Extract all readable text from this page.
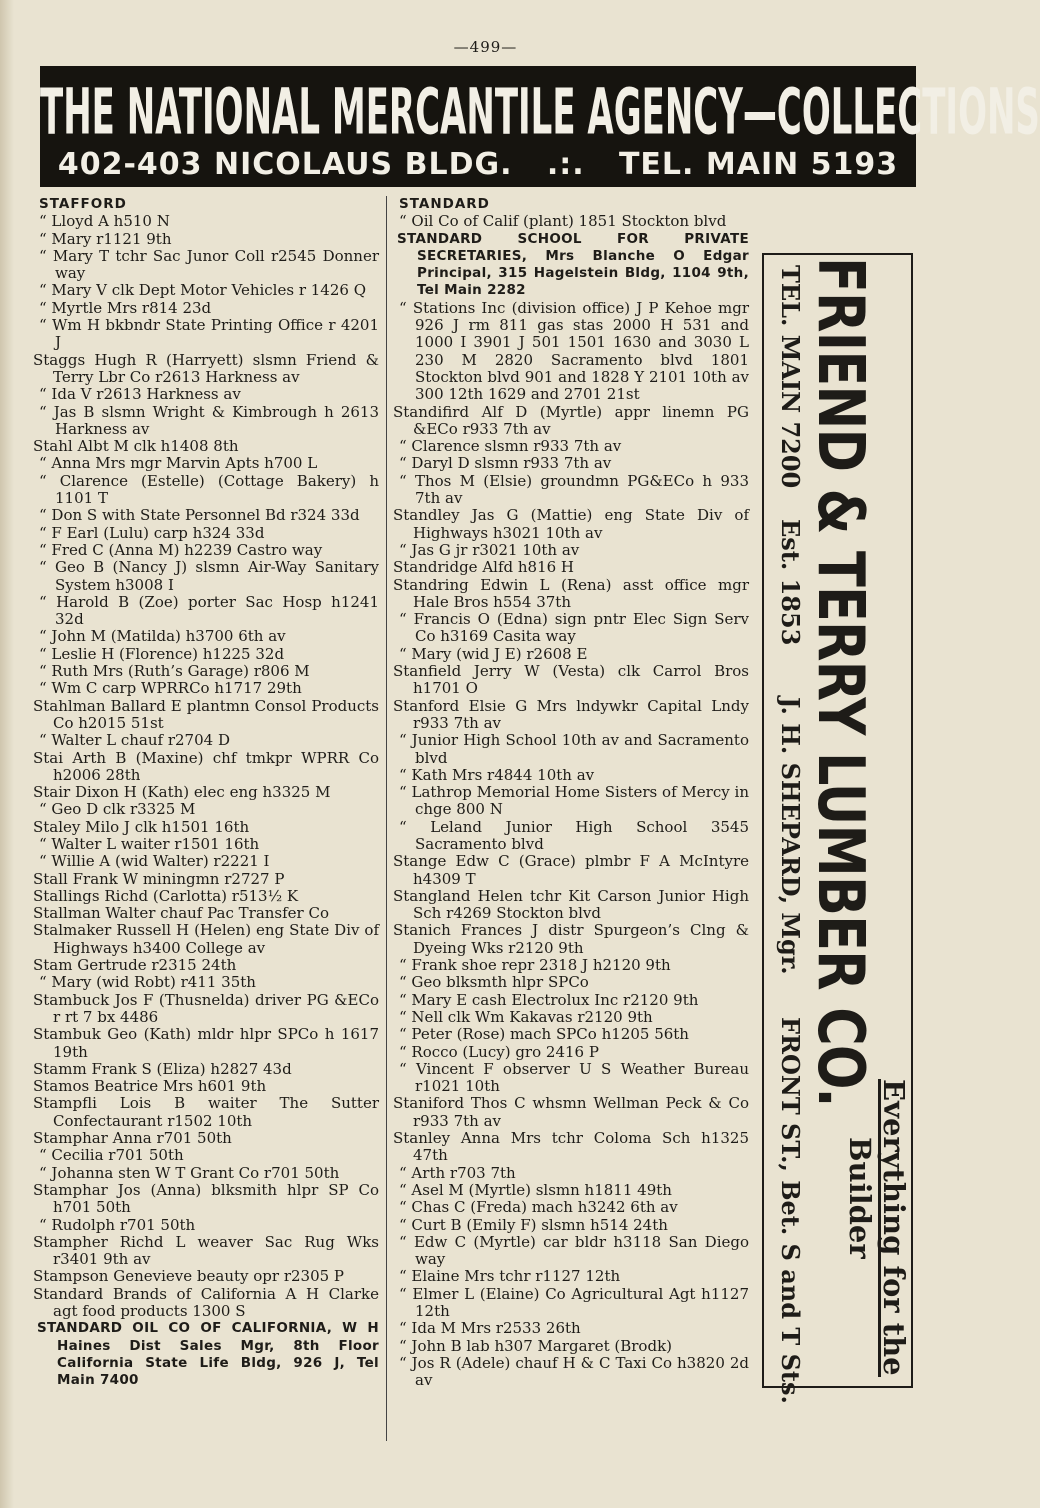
—499—
THE NATIONAL MERCANTILE AGENCY—COLLECTIONS
402-403 NICOLAUS BLDG.   .:.   TEL. MAIN 5193
STAFFORD
“ Lloyd A h510 N
“ Mary r1121 9th
“ Mary T tchr Sac Junor Coll r2545 Donner way
“ Mary V clk Dept Motor Vehicles r 1426 Q
“ Myrtle Mrs r814 23d
“ Wm H bkbndr State Printing Office r 4201 J
Staggs Hugh R (Harryett) slsmn Friend & Terry Lbr Co r2613 Harkness av
“ Ida V r2613 Harkness av
“ Jas B slsmn Wright & Kimbrough h 2613 Harkness av
Stahl Albt M clk h1408 8th
“ Anna Mrs mgr Marvin Apts h700 L
“ Clarence (Estelle) (Cottage Bakery) h 1101 T
“ Don S with State Personnel Bd r324 33d
“ F Earl (Lulu) carp h324 33d
“ Fred C (Anna M) h2239 Castro way
“ Geo B (Nancy J) slsmn Air-Way Sanitary System h3008 I
“ Harold B (Zoe) porter Sac Hosp h1241 32d
“ John M (Matilda) h3700 6th av
“ Leslie H (Florence) h1225 32d
“ Ruth Mrs (Ruth’s Garage) r806 M
“ Wm C carp WPRRCo h1717 29th
Stahlman Ballard E plantmn Consol Products Co h2015 51st
“ Walter L chauf r2704 D
Stai Arth B (Maxine) chf tmkpr WPRR Co h2006 28th
Stair Dixon H (Kath) elec eng h3325 M
“ Geo D clk r3325 M
Staley Milo J clk h1501 16th
“ Walter L waiter r1501 16th
“ Willie A (wid Walter) r2221 I
Stall Frank W miningmn r2727 P
Stallings Richd (Carlotta) r513½ K
Stallman Walter chauf Pac Transfer Co
Stalmaker Russell H (Helen) eng State Div of Highways h3400 College av
Stam Gertrude r2315 24th
“ Mary (wid Robt) r411 35th
Stambuck Jos F (Thusnelda) driver PG &ECo r rt 7 bx 4486
Stambuk Geo (Kath) mldr hlpr SPCo h 1617 19th
Stamm Frank S (Eliza) h2827 43d
Stamos Beatrice Mrs h601 9th
Stampfli Lois B waiter The Sutter Confectaurant r1502 10th
Stamphar Anna r701 50th
“ Cecilia r701 50th
“ Johanna sten W T Grant Co r701 50th
Stamphar Jos (Anna) blksmith hlpr SP Co h701 50th
“ Rudolph r701 50th
Stampher Richd L weaver Sac Rug Wks r3401 9th av
Stampson Genevieve beauty opr r2305 P
Standard Brands of California A H Clarke agt food products 1300 S
STANDARD OIL CO OF CALIFORNIA, W H Haines Dist Sales Mgr, 8th Floor California State Life Bldg, 926 J, Tel Main 7400
STANDARD
“ Oil Co of Calif (plant) 1851 Stockton blvd
STANDARD SCHOOL FOR PRIVATE SECRETARIES, Mrs Blanche O Edgar Principal, 315 Hagelstein Bldg, 1104 9th, Tel Main 2282
“ Stations Inc (division office) J P Kehoe mgr 926 J rm 811 gas stas 2000 H 531 and 1000 I 3901 J 501 1501 1630 and 3030 L 230 M 2820 Sacramento blvd 1801 Stockton blvd 901 and 1828 Y 2101 10th av 300 12th 1629 and 2701 21st
Standifird Alf D (Myrtle) appr linemn PG &ECo r933 7th av
“ Clarence slsmn r933 7th av
“ Daryl D slsmn r933 7th av
“ Thos M (Elsie) groundmn PG&ECo h 933 7th av
Standley Jas G (Mattie) eng State Div of Highways h3021 10th av
“ Jas G jr r3021 10th av
Standridge Alfd h816 H
Standring Edwin L (Rena) asst office mgr Hale Bros h554 37th
“ Francis O (Edna) sign pntr Elec Sign Serv Co h3169 Casita way
“ Mary (wid J E) r2608 E
Stanfield Jerry W (Vesta) clk Carrol Bros h1701 O
Stanford Elsie G Mrs lndywkr Capital Lndy r933 7th av
“ Junior High School 10th av and Sacramento blvd
“ Kath Mrs r4844 10th av
“ Lathrop Memorial Home Sisters of Mercy in chge 800 N
“ Leland Junior High School 3545 Sacramento blvd
Stange Edw C (Grace) plmbr F A McIntyre h4309 T
Stangland Helen tchr Kit Carson Junior High Sch r4269 Stockton blvd
Stanich Frances J distr Spurgeon’s Clng & Dyeing Wks r2120 9th
“ Frank shoe repr 2318 J h2120 9th
“ Geo blksmth hlpr SPCo
“ Mary E cash Electrolux Inc r2120 9th
“ Nell clk Wm Kakavas r2120 9th
“ Peter (Rose) mach SPCo h1205 56th
“ Rocco (Lucy) gro 2416 P
“ Vincent F observer U S Weather Bureau r1021 10th
Staniford Thos C whsmn Wellman Peck & Co r933 7th av
Stanley Anna Mrs tchr Coloma Sch h1325 47th
“ Arth r703 7th
“ Asel M (Myrtle) slsmn h1811 49th
“ Chas C (Freda) mach h3242 6th av
“ Curt B (Emily F) slsmn h514 24th
“ Edw C (Myrtle) car bldr h3118 San Diego way
“ Elaine Mrs tchr r1127 12th
“ Elmer L (Elaine) Co Agricultural Agt h1127 12th
“ Ida M Mrs r2533 26th
“ John B lab h307 Margaret (Brodk)
“ Jos R (Adele) chauf H & C Taxi Co h3820 2d av
TEL. MAIN 7200
Est. 1853
J. H. SHEPARD, Mgr.
FRONT ST., Bet. S and T Sts.
FRIEND & TERRY LUMBER CO.
Everything for the
Builder
